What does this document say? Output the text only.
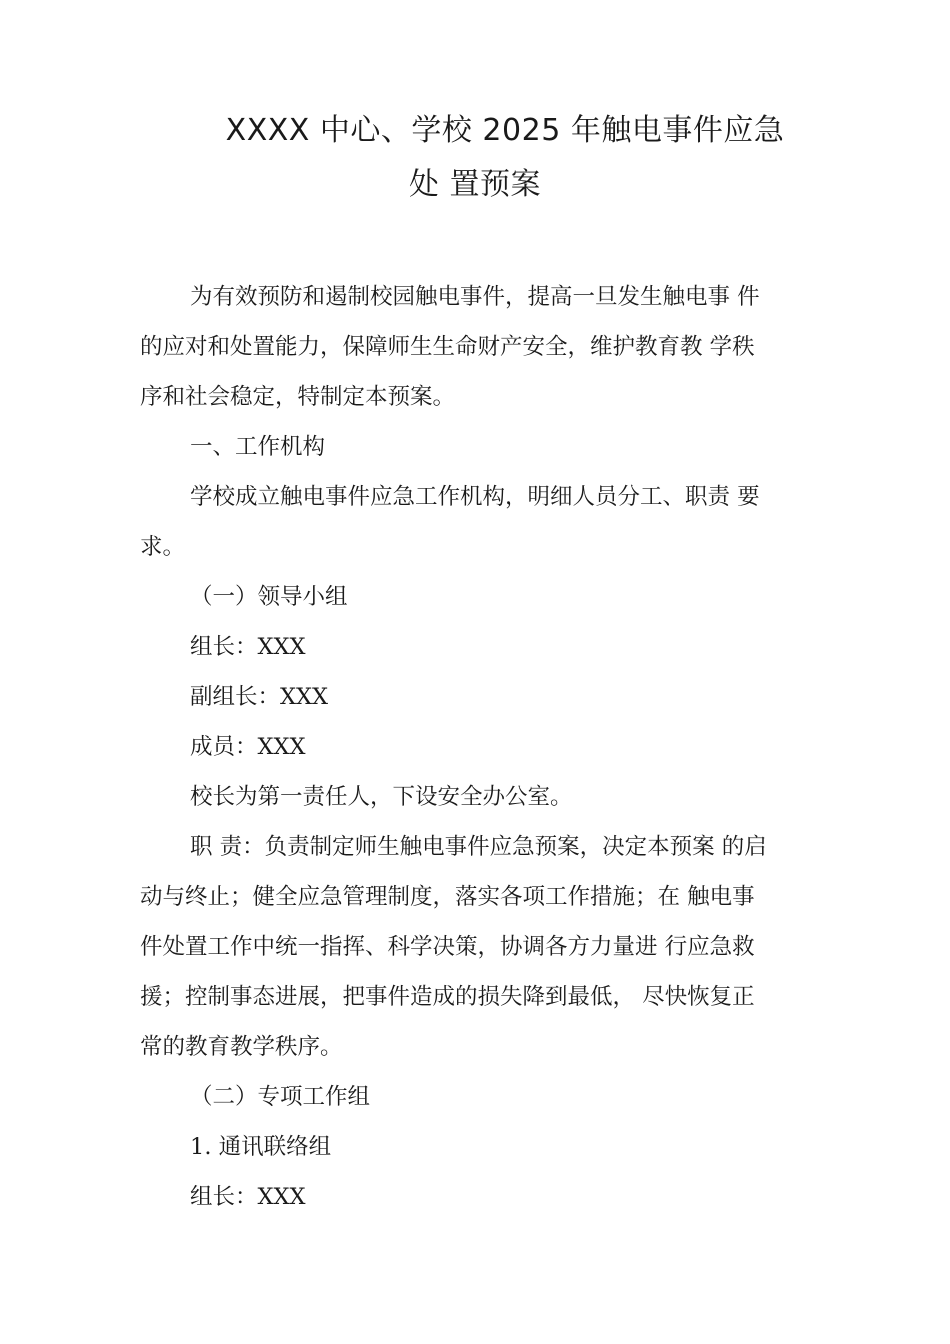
XXXX 中心、学校 2025 年触电事件应急
处 置预案
为有效预防和遏制校园触电事件，提高一旦发生触电事 件
的应对和处置能力，保障师生生命财产安全，维护教育教 学秩
序和社会稳定，特制定本预案。
一、工作机构
学校成立触电事件应急工作机构，明细人员分工、职责 要
求。
（一）领导小组
组长：XXX
副组长：XXX
成员：XXX
校长为第一责任人，下设安全办公室。
职 责：负责制定师生触电事件应急预案，决定本预案 的启
动与终止；健全应急管理制度，落实各项工作措施；在 触电事
件处置工作中统一指挥、科学决策，协调各方力量进 行应急救
援；控制事态进展，把事件造成的损失降到最低， 尽快恢复正
常的教育教学秩序。
（二）专项工作组
1. 通讯联络组
组长：XXX
